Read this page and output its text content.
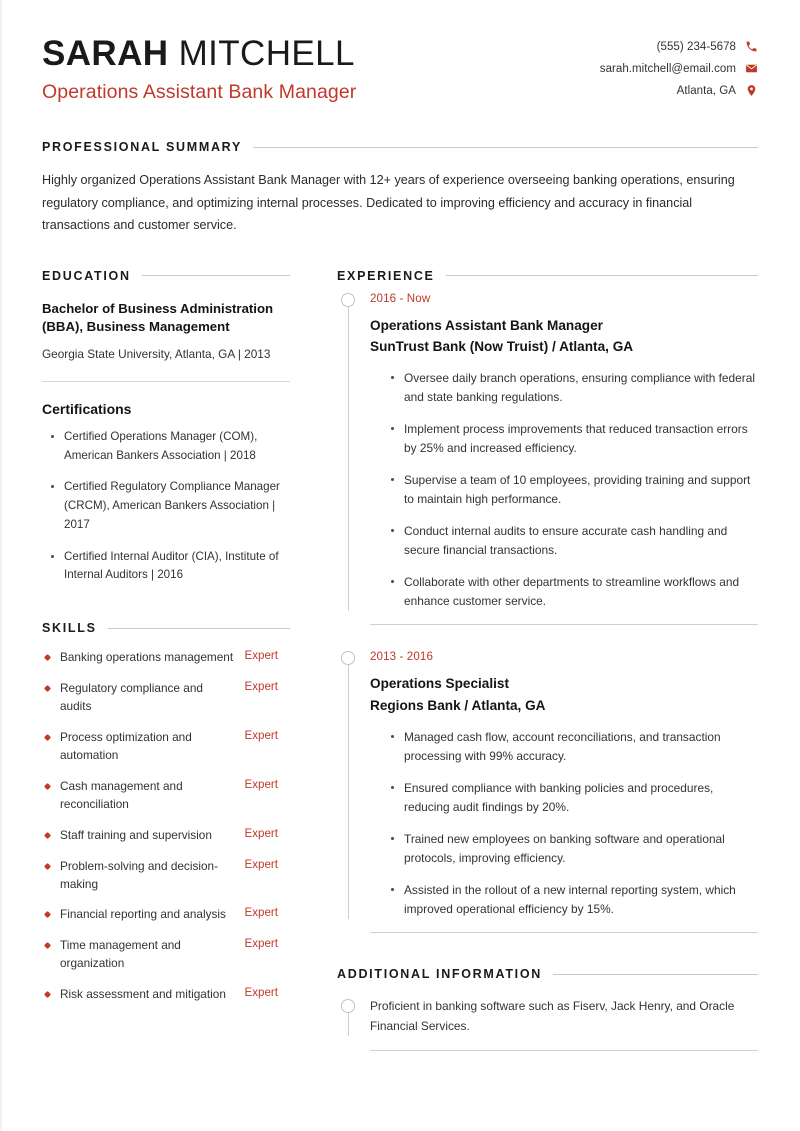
SARAH MITCHELL
Operations Assistant Bank Manager
(555) 234-5678
sarah.mitchell@email.com
Atlanta, GA
PROFESSIONAL SUMMARY
Highly organized Operations Assistant Bank Manager with 12+ years of experience overseeing banking operations, ensuring regulatory compliance, and optimizing internal processes. Dedicated to improving efficiency and accuracy in financial transactions and customer service.
EDUCATION
Bachelor of Business Administration (BBA), Business Management
Georgia State University, Atlanta, GA | 2013
Certifications
Certified Operations Manager (COM), American Bankers Association | 2018
Certified Regulatory Compliance Manager (CRCM), American Bankers Association | 2017
Certified Internal Auditor (CIA), Institute of Internal Auditors | 2016
SKILLS
Banking operations management Expert
Regulatory compliance and audits
Expert
Process optimization and automation
Expert
Cash management and reconciliation
Expert
Staff training and supervision	Expert
Problem-solving and decision-making
Expert
Financial reporting and analysis	Expert
Time management and organization
Expert
Risk assessment and mitigation	Expert
EXPERIENCE
2016 - Now
Operations Assistant Bank Manager
SunTrust Bank (Now Truist) / Atlanta, GA
Oversee daily branch operations, ensuring compliance with federal and state banking regulations.
Implement process improvements that reduced transaction errors by 25% and increased efficiency.
Supervise a team of 10 employees, providing training and support to maintain high performance.
Conduct internal audits to ensure accurate cash handling and secure financial transactions.
Collaborate with other departments to streamline workflows and enhance customer service.
2013 - 2016
Operations Specialist
Regions Bank / Atlanta, GA
Managed cash flow, account reconciliations, and transaction processing with 99% accuracy.
Ensured compliance with banking policies and procedures, reducing audit findings by 20%.
Trained new employees on banking software and operational protocols, improving efficiency.
Assisted in the rollout of a new internal reporting system, which improved operational efficiency by 15%.
ADDITIONAL INFORMATION
Proficient in banking software such as Fiserv, Jack Henry, and Oracle Financial Services.
